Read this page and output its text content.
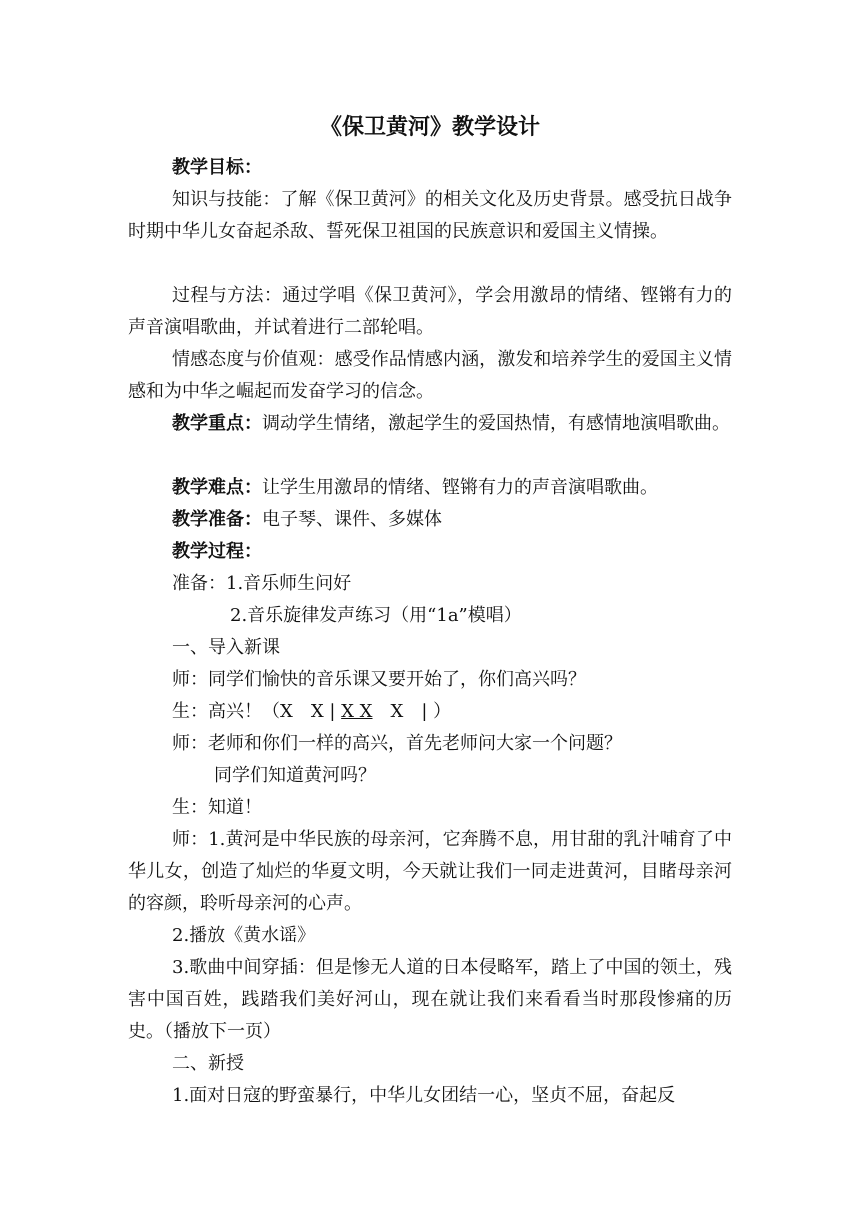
《保卫黄河》教学设计

教学目标：

知识与技能：了解《保卫黄河》的相关文化及历史背景。感受抗日战争时期中华儿女奋起杀敌、誓死保卫祖国的民族意识和爱国主义情操。

过程与方法：通过学唱《保卫黄河》，学会用激昂的情绪、铿锵有力的声音演唱歌曲，并试着进行二部轮唱。

情感态度与价值观：感受作品情感内涵，激发和培养学生的爱国主义情感和为中华之崛起而发奋学习的信念。

教学重点：调动学生情绪，激起学生的爱国热情，有感情地演唱歌曲。

教学难点：让学生用激昂的情绪、铿锵有力的声音演唱歌曲。

教学准备：电子琴、课件、多媒体

教学过程：

准备：1.音乐师生问好

2.音乐旋律发声练习（用“1a”模唱）

一、导入新课

师：同学们愉快的音乐课又要开始了，你们高兴吗？

生：高兴！（X　X | X X　X　| ）

师：老师和你们一样的高兴，首先老师问大家一个问题？

同学们知道黄河吗？

生：知道！

师：1.黄河是中华民族的母亲河，它奔腾不息，用甘甜的乳汁哺育了中华儿女，创造了灿烂的华夏文明，今天就让我们一同走进黄河，目睹母亲河的容颜，聆听母亲河的心声。

2.播放《黄水谣》

3.歌曲中间穿插：但是惨无人道的日本侵略军，踏上了中国的领土，残害中国百姓，践踏我们美好河山，现在就让我们来看看当时那段惨痛的历史。（播放下一页）

二、新授

1.面对日寇的野蛮暴行，中华儿女团结一心，坚贞不屈，奋起反
